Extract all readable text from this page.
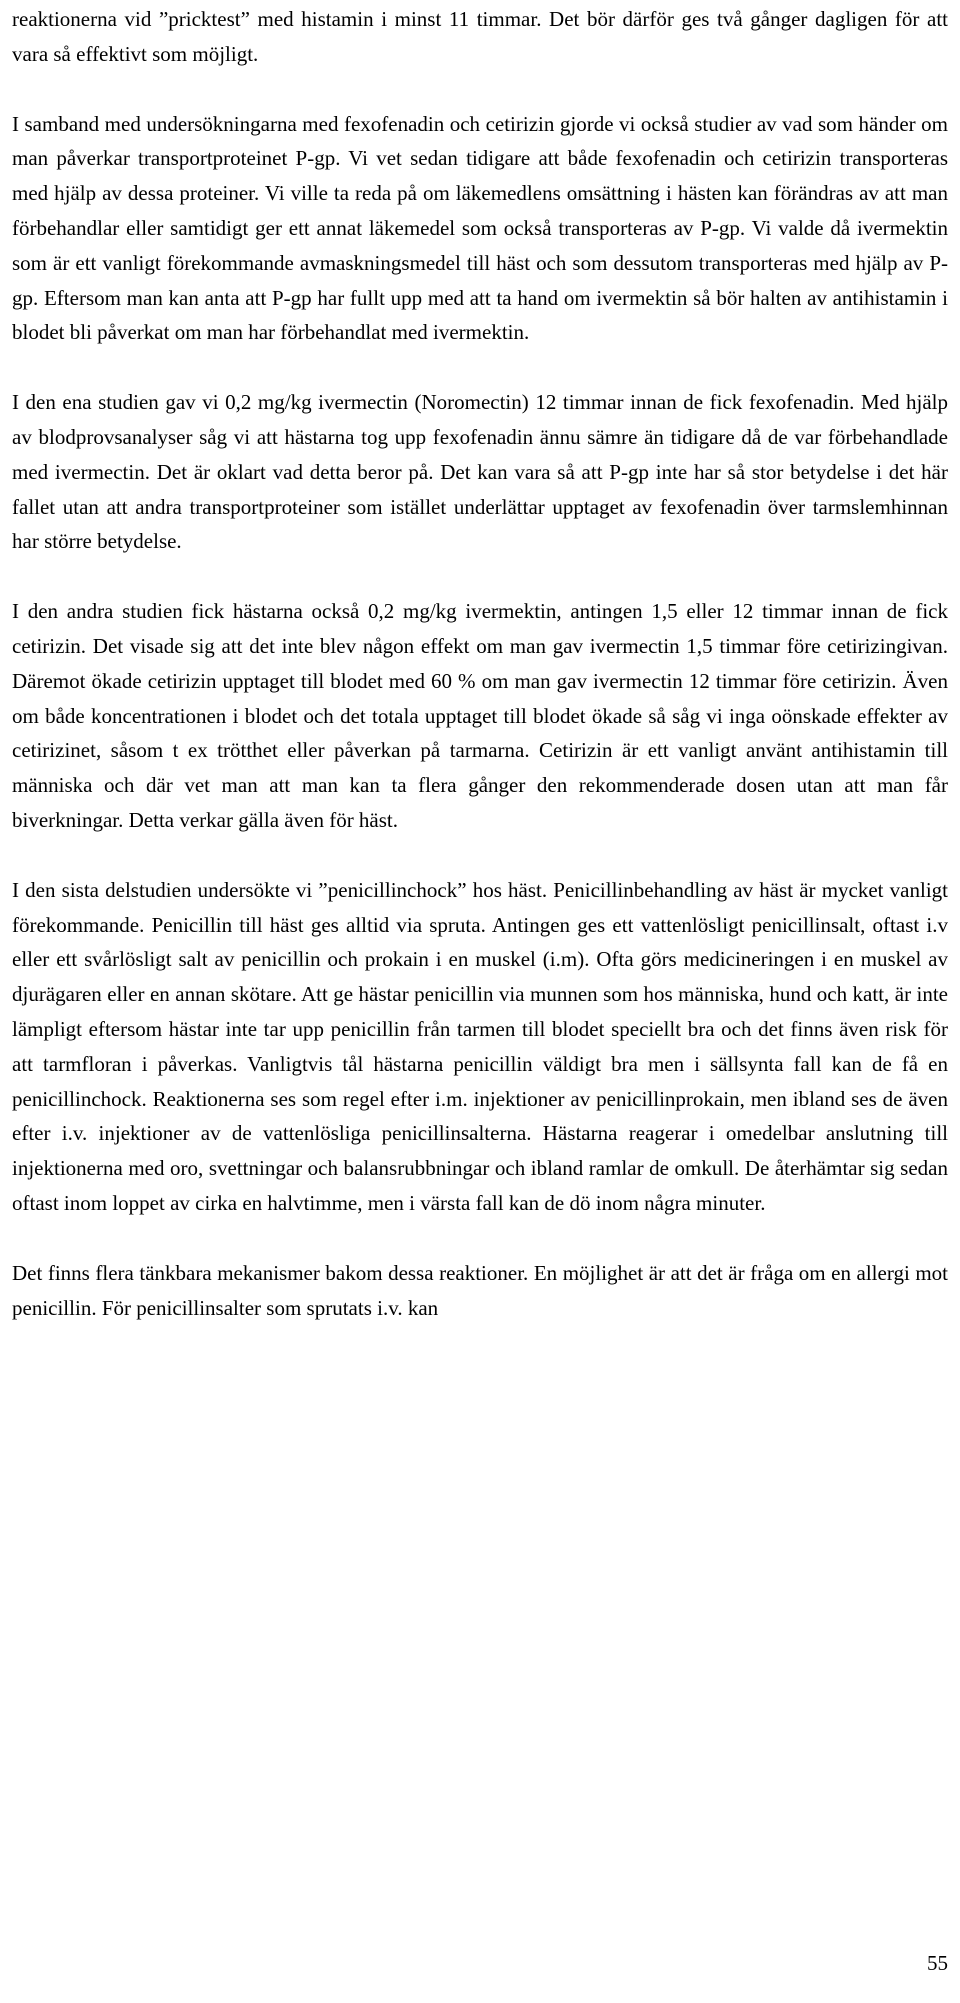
reaktionerna vid ”pricktest” med histamin i minst 11 timmar. Det bör därför ges två gånger dagligen för att vara så effektivt som möjligt.

I samband med undersökningarna med fexofenadin och cetirizin gjorde vi också studier av vad som händer om man påverkar transportproteinet P-gp. Vi vet sedan tidigare att både fexofenadin och cetirizin transporteras med hjälp av dessa proteiner. Vi ville ta reda på om läkemedlens omsättning i hästen kan förändras av att man förbehandlar eller samtidigt ger ett annat läkemedel som också transporteras av P-gp. Vi valde då ivermektin som är ett vanligt förekommande avmaskningsmedel till häst och som dessutom transporteras med hjälp av P-gp. Eftersom man kan anta att P-gp har fullt upp med att ta hand om ivermektin så bör halten av antihistamin i blodet bli påverkat om man har förbehandlat med ivermektin.

I den ena studien gav vi 0,2 mg/kg ivermectin (Noromectin) 12 timmar innan de fick fexofenadin. Med hjälp av blodprovsanalyser såg vi att hästarna tog upp fexofenadin ännu sämre än tidigare då de var förbehandlade med ivermectin. Det är oklart vad detta beror på. Det kan vara så att P-gp inte har så stor betydelse i det här fallet utan att andra transportproteiner som istället underlättar upptaget av fexofenadin över tarmslemhinnan har större betydelse.

I den andra studien fick hästarna också 0,2 mg/kg ivermektin, antingen 1,5 eller 12 timmar innan de fick cetirizin. Det visade sig att det inte blev någon effekt om man gav ivermectin 1,5 timmar före cetirizingivan. Däremot ökade cetirizin upptaget till blodet med 60 % om man gav ivermectin 12 timmar före cetirizin. Även om både koncentrationen i blodet och det totala upptaget till blodet ökade så såg vi inga oönskade effekter av cetirizinet, såsom t ex trötthet eller påverkan på tarmarna. Cetirizin är ett vanligt använt antihistamin till människa och där vet man att man kan ta flera gånger den rekommenderade dosen utan att man får biverkningar. Detta verkar gälla även för häst.

I den sista delstudien undersökte vi ”penicillinchock” hos häst. Penicillinbehandling av häst är mycket vanligt förekommande. Penicillin till häst ges alltid via spruta. Antingen ges ett vattenlösligt penicillinsalt, oftast i.v eller ett svårlösligt salt av penicillin och prokain i en muskel (i.m). Ofta görs medicineringen i en muskel av djurägaren eller en annan skötare. Att ge hästar penicillin via munnen som hos människa, hund och katt, är inte lämpligt eftersom hästar inte tar upp penicillin från tarmen till blodet speciellt bra och det finns även risk för att tarmfloran i påverkas. Vanligtvis tål hästarna penicillin väldigt bra men i sällsynta fall kan de få en penicillinchock. Reaktionerna ses som regel efter i.m. injektioner av penicillinprokain, men ibland ses de även efter i.v. injektioner av de vattenlösliga penicillinsalterna. Hästarna reagerar i omedelbar anslutning till injektionerna med oro, svettningar och balansrubbningar och ibland ramlar de omkull. De återhämtar sig sedan oftast inom loppet av cirka en halvtimme, men i värsta fall kan de dö inom några minuter.

Det finns flera tänkbara mekanismer bakom dessa reaktioner. En möjlighet är att det är fråga om en allergi mot penicillin. För penicillinsalter som sprutats i.v. kan

55
